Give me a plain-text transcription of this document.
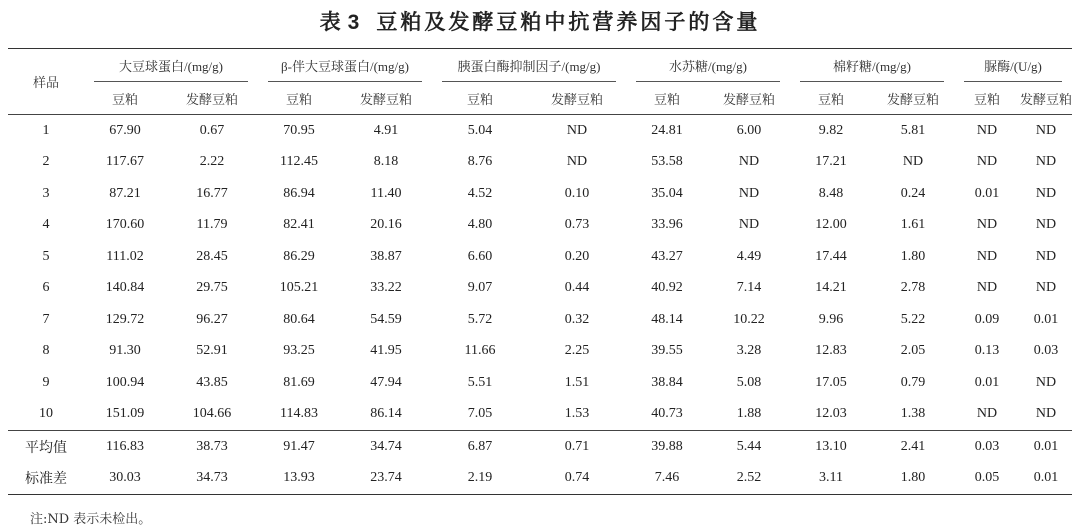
表 3 豆粕及发酵豆粕中抗营养因子的含量
样品	大豆球蛋白/(mg/g)		β-伴大豆球蛋白/(mg/g)		胰蛋白酶抑制因子/(mg/g)		水苏糖/(mg/g)		棉籽糖/(mg/g)		脲酶/(U/g)	
	豆粕	发酵豆粕	豆粕	发酵豆粕	豆粕	发酵豆粕	豆粕	发酵豆粕	豆粕	发酵豆粕	豆粕	发酵豆粕
1	67.90	0.67	70.95	4.91	5.04	ND	24.81	6.00	9.82	5.81	ND	ND
2	117.67	2.22	112.45	8.18	8.76	ND	53.58	ND	17.21	ND	ND	ND
3	87.21	16.77	86.94	11.40	4.52	0.10	35.04	ND	8.48	0.24	0.01	ND
4	170.60	11.79	82.41	20.16	4.80	0.73	33.96	ND	12.00	1.61	ND	ND
5	111.02	28.45	86.29	38.87	6.60	0.20	43.27	4.49	17.44	1.80	ND	ND
6	140.84	29.75	105.21	33.22	9.07	0.44	40.92	7.14	14.21	2.78	ND	ND
7	129.72	96.27	80.64	54.59	5.72	0.32	48.14	10.22	9.96	5.22	0.09	0.01
8	91.30	52.91	93.25	41.95	11.66	2.25	39.55	3.28	12.83	2.05	0.13	0.03
9	100.94	43.85	81.69	47.94	5.51	1.51	38.84	5.08	17.05	0.79	0.01	ND
10	151.09	104.66	114.83	86.14	7.05	1.53	40.73	1.88	12.03	1.38	ND	ND
平均值	116.83	38.73	91.47	34.74	6.87	0.71	39.88	5.44	13.10	2.41	0.03	0.01
标准差	30.03	34.73	13.93	23.74	2.19	0.74	7.46	2.52	3.11	1.80	0.05	0.01
注:ND 表示未检出。
